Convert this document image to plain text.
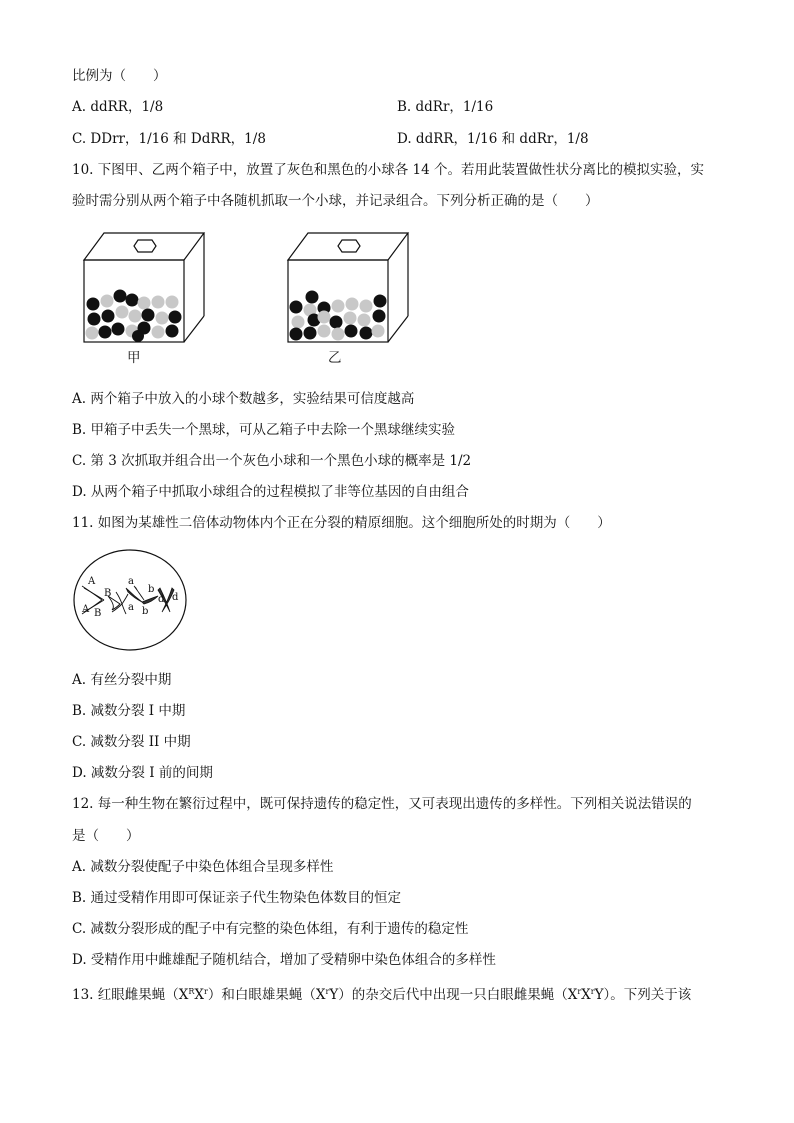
比例为（　　）
A. ddRR，1/8	B. ddRr，1/16
C. DDrr，1/16 和 DdRR，1/8	D. ddRR，1/16 和 ddRr，1/8
10. 下图甲、乙两个箱子中，放置了灰色和黑色的小球各 14 个。若用此装置做性状分离比的模拟实验，实
验时需分别从两个箱子中各随机抓取一个小球，并记录组合。下列分析正确的是（　　）
甲	乙
A. 两个箱子中放入的小球个数越多，实验结果可信度越高
B. 甲箱子中丢失一个黑球，可从乙箱子中去除一个黑球继续实验
C. 第 3 次抓取并组合出一个灰色小球和一个黑色小球的概率是 1/2
D. 从两个箱子中抓取小球组合的过程模拟了非等位基因的自由组合
11. 如图为某雄性二倍体动物体内个正在分裂的精原细胞。这个细胞所处的时期为（　　）
A
B
A B
a
b
a b
d d
A. 有丝分裂中期
B. 减数分裂 I 中期
C. 减数分裂 II 中期
D. 减数分裂 I 前的间期
12. 每一种生物在繁衍过程中，既可保持遗传的稳定性，又可表现出遗传的多样性。下列相关说法错误的
是（　　）
A. 减数分裂使配子中染色体组合呈现多样性
B. 通过受精作用即可保证亲子代生物染色体数目的恒定
C. 减数分裂形成的配子中有完整的染色体组，有利于遗传的稳定性
D. 受精作用中雌雄配子随机结合，增加了受精卵中染色体组合的多样性
13. 红眼雌果蝇$(X^RX^r)$和白眼雄果蝇$(X^rY)$的杂交后代中出现一只白眼雌果蝇$(X^rX^rY)$。下列关于该
